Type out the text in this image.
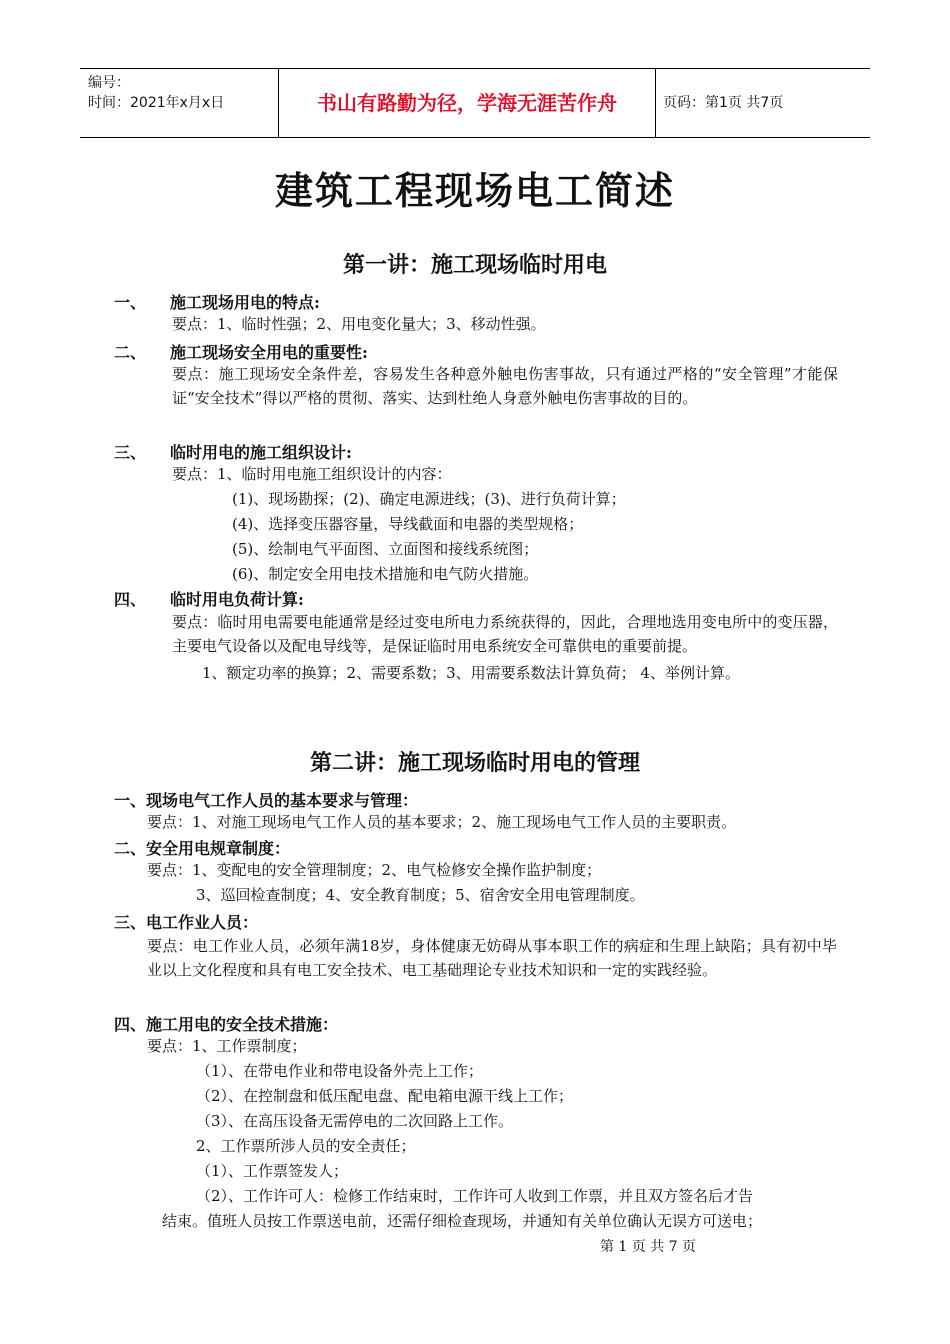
编号：
时间：2021年x月x日	书山有路勤为径，学海无涯苦作舟	页码：第1页 共7页
建筑工程现场电工简述
第一讲：施工现场临时用电
一、 施工现场用电的特点:
要点：1、临时性强；2、用电变化量大；3、移动性强。
二、 施工现场安全用电的重要性:
要点：施工现场安全条件差，容易发生各种意外触电伤害事故，只有通过严格的“安全管理”才能保证“安全技术”得以严格的贯彻、落实、达到杜绝人身意外触电伤害事故的目的。
三、 临时用电的施工组织设计:
要点：1、临时用电施工组织设计的内容：
(1)、现场勘探；(2)、确定电源进线；(3)、进行负荷计算；
(4)、选择变压器容量，导线截面和电器的类型规格；
(5)、绘制电气平面图、立面图和接线系统图；
(6)、制定安全用电技术措施和电气防火措施。
四、 临时用电负荷计算:
要点：临时用电需要电能通常是经过变电所电力系统获得的，因此，合理地选用变电所中的变压器，主要电气设备以及配电导线等，是保证临时用电系统安全可靠供电的重要前提。
1、额定功率的换算；2、需要系数；3、用需要系数法计算负荷； 4、举例计算。
第二讲：施工现场临时用电的管理
一、现场电气工作人员的基本要求与管理：
要点：1、对施工现场电气工作人员的基本要求；2、施工现场电气工作人员的主要职责。
二、安全用电规章制度：
要点：1、变配电的安全管理制度；2、电气检修安全操作监护制度；
3、巡回检查制度；4、安全教育制度；5、宿舍安全用电管理制度。
三、电工作业人员：
要点：电工作业人员，必须年满18岁，身体健康无妨碍从事本职工作的病症和生理上缺陷；具有初中毕业以上文化程度和具有电工安全技术、电工基础理论专业技术知识和一定的实践经验。
四、施工用电的安全技术措施：
要点：1、工作票制度；
（1）、在带电作业和带电设备外壳上工作；
（2）、在控制盘和低压配电盘、配电箱电源干线上工作；
（3）、在高压设备无需停电的二次回路上工作。
2、工作票所涉人员的安全责任；
（1）、工作票签发人；
（2）、工作许可人：检修工作结束时，工作许可人收到工作票，并且双方签名后才告
结束。值班人员按工作票送电前，还需仔细检查现场，并通知有关单位确认无误方可送电；
第 1 页 共 7 页
